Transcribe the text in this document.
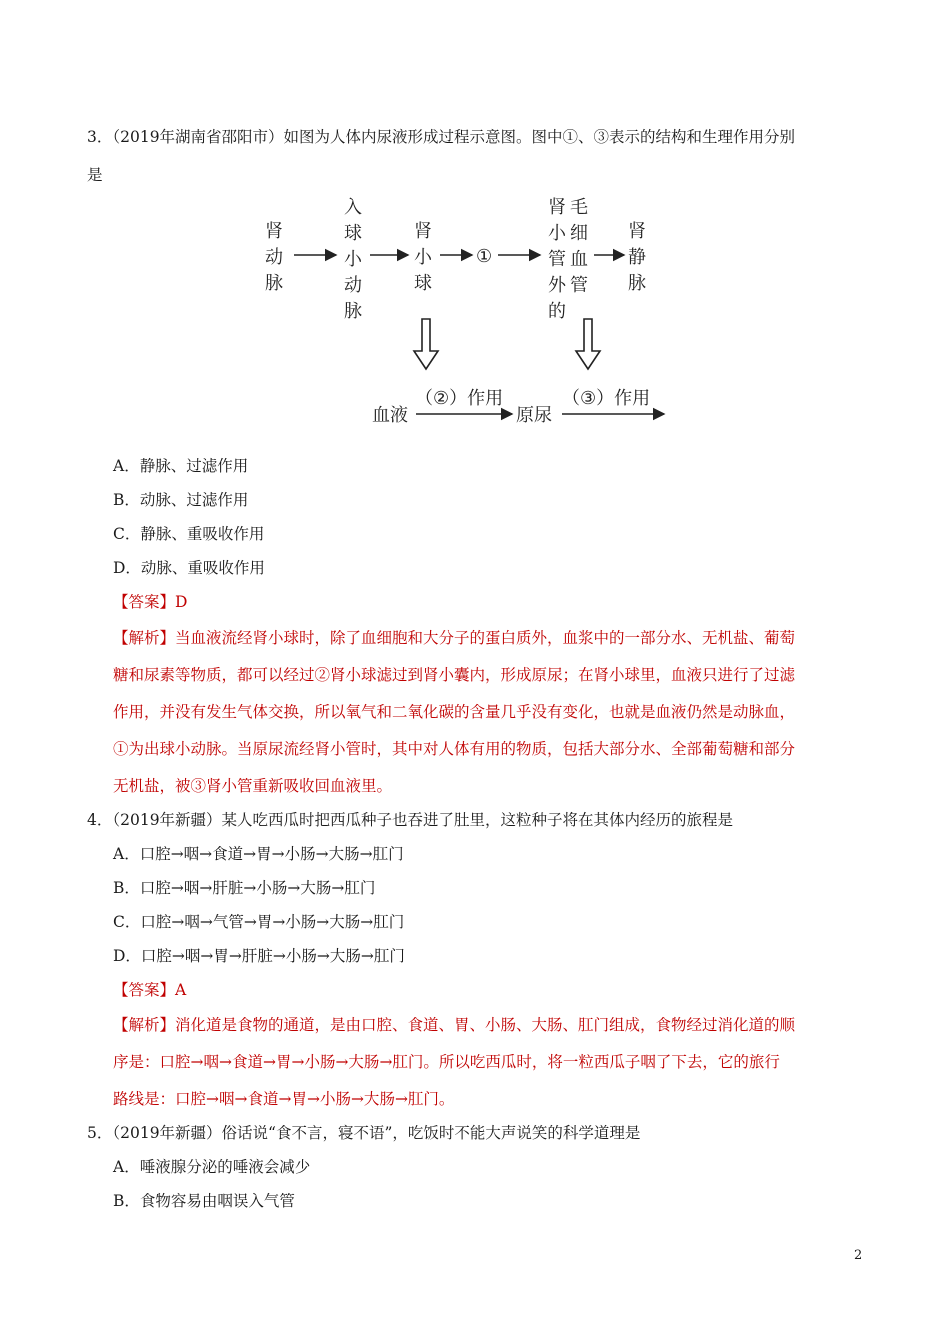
3．（2019年湖南省邵阳市）如图为人体内尿液形成过程示意图。图中①、③表示的结构和生理作用分别
是
肾
动
脉
入
球
小
动
脉
肾
小
球
①
肾
小
管
外
的
毛
细
血
管
肾
静
脉
血液
（②）作用
原尿
（③）作用
A．静脉、过滤作用
B．动脉、过滤作用
C．静脉、重吸收作用
D．动脉、重吸收作用
【答案】D
【解析】当血液流经肾小球时，除了血细胞和大分子的蛋白质外，血浆中的一部分水、无机盐、葡萄
糖和尿素等物质，都可以经过②肾小球滤过到肾小囊内，形成原尿；在肾小球里，血液只进行了过滤
作用，并没有发生气体交换，所以氧气和二氧化碳的含量几乎没有变化，也就是血液仍然是动脉血，
①为出球小动脉。当原尿流经肾小管时，其中对人体有用的物质，包括大部分水、全部葡萄糖和部分
无机盐，被③肾小管重新吸收回血液里。
4．（2019年新疆）某人吃西瓜时把西瓜种子也吞进了肚里，这粒种子将在其体内经历的旅程是
A．口腔→咽→食道→胃→小肠→大肠→肛门
B．口腔→咽→肝脏→小肠→大肠→肛门
C．口腔→咽→气管→胃→小肠→大肠→肛门
D．口腔→咽→胃→肝脏→小肠→大肠→肛门
【答案】A
【解析】消化道是食物的通道，是由口腔、食道、胃、小肠、大肠、肛门组成，食物经过消化道的顺
序是：口腔→咽→食道→胃→小肠→大肠→肛门。所以吃西瓜时，将一粒西瓜子咽了下去，它的旅行
路线是：口腔→咽→食道→胃→小肠→大肠→肛门。
5．（2019年新疆）俗话说“食不言，寝不语”，吃饭时不能大声说笑的科学道理是
A．唾液腺分泌的唾液会减少
B．食物容易由咽误入气管
2
